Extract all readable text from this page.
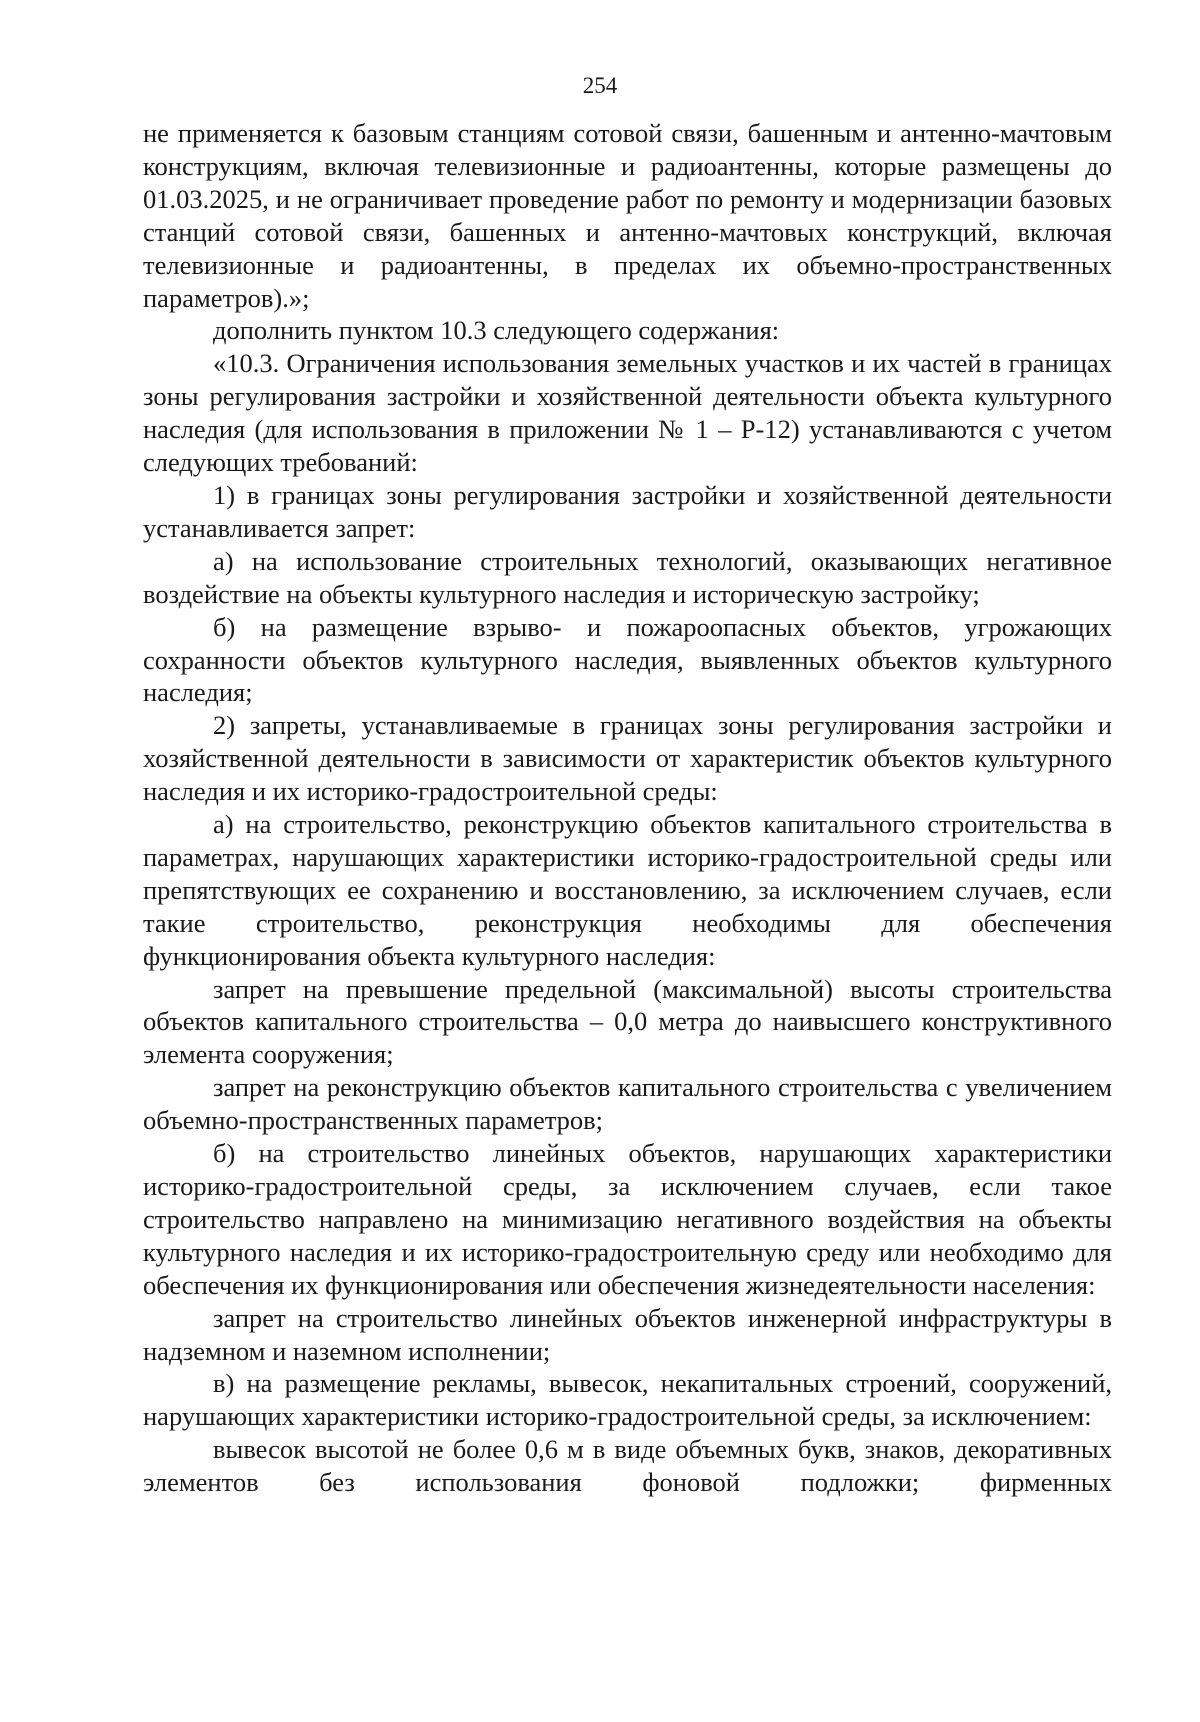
254

не применяется к базовым станциям сотовой связи, башенным и антенно-мачтовым конструкциям, включая телевизионные и радиоантенны, которые размещены до 01.03.2025, и не ограничивает проведение работ по ремонту и модернизации базовых станций сотовой связи, башенных и антенно-мачтовых конструкций, включая телевизионные и радиоантенны, в пределах их объемно-пространственных параметров).»;

дополнить пунктом 10.3 следующего содержания:

«10.3. Ограничения использования земельных участков и их частей в границах зоны регулирования застройки и хозяйственной деятельности объекта культурного наследия (для использования в приложении № 1 – Р-12) устанавливаются с учетом следующих требований:

1) в границах зоны регулирования застройки и хозяйственной деятельности устанавливается запрет:

а) на использование строительных технологий, оказывающих негативное воздействие на объекты культурного наследия и историческую застройку;

б) на размещение взрыво- и пожароопасных объектов, угрожающих сохранности объектов культурного наследия, выявленных объектов культурного наследия;

2) запреты, устанавливаемые в границах зоны регулирования застройки и хозяйственной деятельности в зависимости от характеристик объектов культурного наследия и их историко-градостроительной среды:

а) на строительство, реконструкцию объектов капитального строительства в параметрах, нарушающих характеристики историко-градостроительной среды или препятствующих ее сохранению и восстановлению, за исключением случаев, если такие строительство, реконструкция необходимы для обеспечения функционирования объекта культурного наследия:

запрет на превышение предельной (максимальной) высоты строительства объектов капитального строительства – 0,0 метра до наивысшего конструктивного элемента сооружения;

запрет на реконструкцию объектов капитального строительства с увеличением объемно-пространственных параметров;

б) на строительство линейных объектов, нарушающих характеристики историко-градостроительной среды, за исключением случаев, если такое строительство направлено на минимизацию негативного воздействия на объекты культурного наследия и их историко-градостроительную среду или необходимо для обеспечения их функционирования или обеспечения жизнедеятельности населения:

запрет на строительство линейных объектов инженерной инфраструктуры в надземном и наземном исполнении;

в) на размещение рекламы, вывесок, некапитальных строений, сооружений, нарушающих характеристики историко-градостроительной среды, за исключением:

вывесок высотой не более 0,6 м в виде объемных букв, знаков, декоративных элементов без использования фоновой подложки; фирменных
